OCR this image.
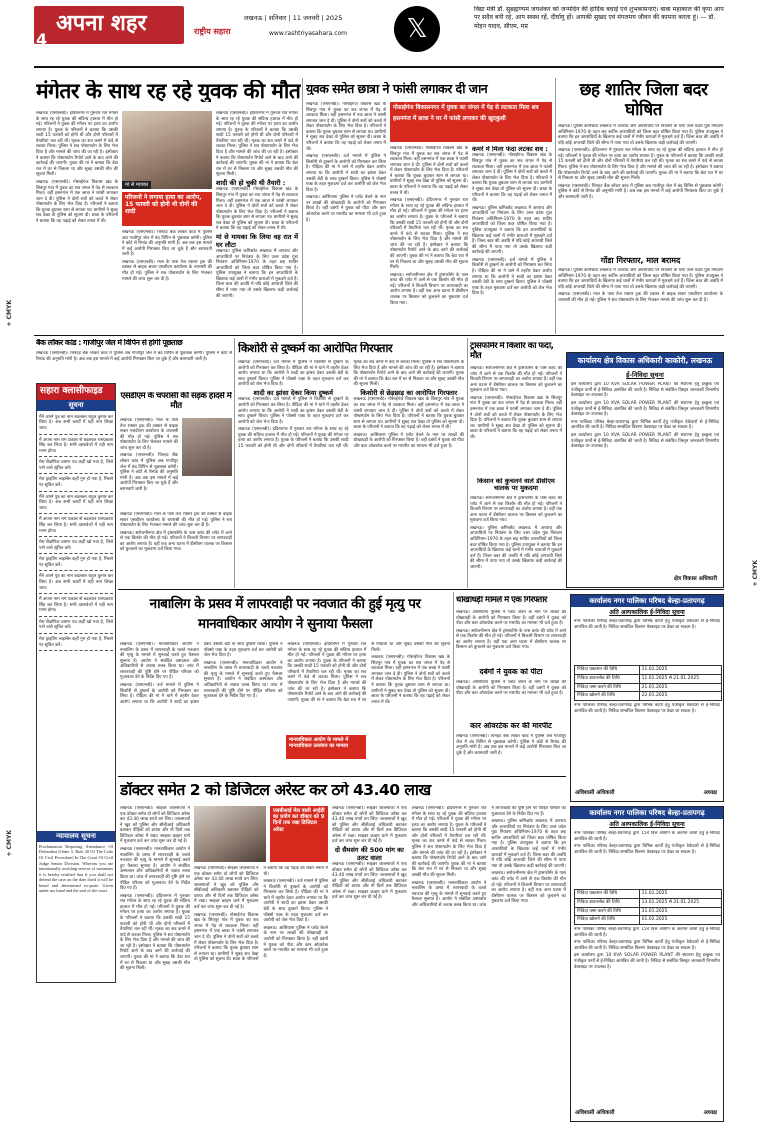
4
अपना शहर	लखनऊ | शनिवार | 11 जनवरी | 2025
राष्ट्रीय सहारा	www.rashtriyasahara.com	𝕏
विद्या मंत्री डॉ. सुब्रह्मण्यम जयशंकर को जन्मदिन की हार्दिक बधाई एवं शुभकामनाएं। बाबा महाकाल की कृपा आप पर सदैव बनी रहे, आप स्वस्थ रहें, दीर्घायु हों। आपकी सुखद एवं मंगलमय जीवन की कामना करता हूं। — डॉ. मोहन यादव, सीएम, मप्र
+ CMYK
+ CMYK
+ CMYK
मंगेतर के साथ रह रहे युवक की मौत

लखनऊ (एसएनबी)। इंदिरानगर में गुरुवार रात मंगेतर के साथ रह रहे युवक की संदिग्ध हालात में मौत हो गई। परिजनों ने युवक की मंगेतर पर हत्या का आरोप लगाया है। युवक के परिजनों ने बताया कि उसकी शादी 15 फरवरी को होनी थी और दोनों परिवारों में तैयारियां चल रही थीं। मृतक का शव कमरे में फंदे से लटका मिला। पुलिस ने शव पोस्टमार्टम के लिए भेज दिया है और मामले की जांच की जा रही है। इंस्पेक्टर ने बताया कि पोस्टमार्टम रिपोर्ट आने के बाद आगे की कार्रवाई की जाएगी। युवक की मां ने बताया कि बेटा रात में घर से निकला था और सुबह उसकी मौत की सूचना मिली।

लखनऊ (एसएनबी)। गोसाईगंज विकास खंड के शिवपुर गांव में युवक का शव जंगल में पेड़ से लटकता मिला। वहीं हसनगंज में एक छात्रा ने फांसी लगाकर जान दे दी। पुलिस ने दोनों शवों को कब्जे में लेकर पोस्टमार्टम के लिए भेज दिया है। परिजनों ने बताया कि युवक बुधवार शाम से लापता था। ग्रामीणों ने सुबह शव देखा तो पुलिस को सूचना दी। छात्रा के परिजनों ने बताया कि वह पढ़ाई को लेकर तनाव में थी।

मां से मायका
परिजनों ने लगाया हत्या का आरोप, 15 फरवरी को होनी थी दोनों की शादी

लखनऊ (एसएनबी)। इंदिरानगर में गुरुवार रात मंगेतर के साथ रह रहे युवक की संदिग्ध हालात में मौत हो गई। परिजनों ने युवक की मंगेतर पर हत्या का आरोप लगाया है। युवक के परिजनों ने बताया कि उसकी शादी 15 फरवरी को होनी थी और दोनों परिवारों में तैयारियां चल रही थीं। मृतक का शव कमरे में फंदे से लटका मिला। पुलिस ने शव पोस्टमार्टम के लिए भेज दिया है और मामले की जांच की जा रही है। इंस्पेक्टर ने बताया कि पोस्टमार्टम रिपोर्ट आने के बाद आगे की कार्रवाई की जाएगी। युवक की मां ने बताया कि बेटा रात में घर से निकला था और सुबह उसकी मौत की सूचना मिली।

शादी की हो चुकी थी तैयारी :

लखनऊ (एसएनबी)। गोसाईगंज विकास खंड के शिवपुर गांव में युवक का शव जंगल में पेड़ से लटकता मिला। वहीं हसनगंज में एक छात्रा ने फांसी लगाकर जान दे दी। पुलिस ने दोनों शवों को कब्जे में लेकर पोस्टमार्टम के लिए भेज दिया है। परिजनों ने बताया कि युवक बुधवार शाम से लापता था। ग्रामीणों ने सुबह शव देखा तो पुलिस को सूचना दी। छात्रा के परिजनों ने बताया कि वह पढ़ाई को लेकर तनाव में थी।

मां से मायका कि लिया वह रात में घर लौटा

लखनऊ। पुलिस कमिश्नरेट लखनऊ में अपराध और अपराधियों पर नियंत्रण के लिए उत्तर प्रदेश गुंडा नियंत्रण अधिनियम-1970 के तहत छह शातिर अपराधियों को जिला बदर घोषित किया गया है। पुलिस उपायुक्त ने बताया कि इन अपराधियों के खिलाफ कई थानों में गंभीर धाराओं में मुकदमे दर्ज हैं। जिला बदर की अवधि में यदि कोई अपराधी जिले की सीमा में पाया गया तो उसके खिलाफ कड़ी कार्रवाई की जाएगी।

लखनऊ (एसएनबी)। चिनहट बैंक लॉकर कांड में पुलिस अब गाजीपुर जेल में बंद विपिन से पूछताछ करेगी। पुलिस ने कोर्ट से रिमांड की अनुमति मांगी है। अब तक इस मामले में कई आरोपी गिरफ्तार किए जा चुके हैं और बरामदगी जारी है।

लखनऊ (एसएनबी)। माल के पास तेज रफ्तार ट्रक की टक्कर से बाइक सवार एसडीएम कार्यालय के चपरासी की मौत हो गई। पुलिस ने शव पोस्टमार्टम के लिए भेजकर मामले की जांच शुरू कर दी है।

युवक समेत छात्रा ने फांसी लगाकर दी जान

लखनऊ (एसएनबी)। गोसाईगंज विकास खंड के शिवपुर गांव में युवक का शव जंगल में पेड़ से लटकता मिला। वहीं हसनगंज में एक छात्रा ने फांसी लगाकर जान दे दी। पुलिस ने दोनों शवों को कब्जे में लेकर पोस्टमार्टम के लिए भेज दिया है। परिजनों ने बताया कि युवक बुधवार शाम से लापता था। ग्रामीणों ने सुबह शव देखा तो पुलिस को सूचना दी। छात्रा के परिजनों ने बताया कि वह पढ़ाई को लेकर तनाव में थी।

लखनऊ (एसएनबी)। दर्ज मामले में पुलिस ने किशोरी से दुष्कर्म के आरोपी को गिरफ्तार कर लिया है। पीड़िता की मां ने थाने में तहरीर देकर आरोप लगाया था कि आरोपी ने शादी का झांसा देकर उसकी बेटी के साथ दुष्कर्म किया। पुलिस ने पॉक्सो एक्ट के तहत मुकदमा दर्ज कर आरोपी को जेल भेज दिया है।

लखनऊ। आशियाना पुलिस ने प्लॉट बेचने के नाम पर लाखों की धोखाधड़ी के आरोपी को गिरफ्तार किया है। वहीं दबंगों ने युवक को पीटा और कार ओवरटेक करने पर मारपीट का मामला भी दर्ज हुआ है।

गोसाईगंज विकासनगर में युवक का जंगल में पेड़ से लटकता मिला शव
हसनगंज में छात्रा ने घर में फांसी लगाकर की खुदकुशी

लखनऊ (एसएनबी)। गोसाईगंज विकास खंड के शिवपुर गांव में युवक का शव जंगल में पेड़ से लटकता मिला। वहीं हसनगंज में एक छात्रा ने फांसी लगाकर जान दे दी। पुलिस ने दोनों शवों को कब्जे में लेकर पोस्टमार्टम के लिए भेज दिया है। परिजनों ने बताया कि युवक बुधवार शाम से लापता था। ग्रामीणों ने सुबह शव देखा तो पुलिस को सूचना दी। छात्रा के परिजनों ने बताया कि वह पढ़ाई को लेकर तनाव में थी।

लखनऊ (एसएनबी)। इंदिरानगर में गुरुवार रात मंगेतर के साथ रह रहे युवक की संदिग्ध हालात में मौत हो गई। परिजनों ने युवक की मंगेतर पर हत्या का आरोप लगाया है। युवक के परिजनों ने बताया कि उसकी शादी 15 फरवरी को होनी थी और दोनों परिवारों में तैयारियां चल रही थीं। मृतक का शव कमरे में फंदे से लटका मिला। पुलिस ने शव पोस्टमार्टम के लिए भेज दिया है और मामले की जांच की जा रही है। इंस्पेक्टर ने बताया कि पोस्टमार्टम रिपोर्ट आने के बाद आगे की कार्रवाई की जाएगी। युवक की मां ने बताया कि बेटा रात में घर से निकला था और सुबह उसकी मौत की सूचना मिली।

लखनऊ। सरोजनीनगर क्षेत्र में ट्रांसफॉर्मर के पास करंट की चपेट में आने से एक किशोर की मौत हो गई। परिजनों ने बिजली विभाग पर लापरवाही का आरोप लगाया है। वहीं एक अन्य घटना में डीसीएम चालक पर किसान को कुचलने का मुकदमा दर्ज किया गया।

कमरे में मिला फंदा लटका शव :

लखनऊ (एसएनबी)। गोसाईगंज विकास खंड के शिवपुर गांव में युवक का शव जंगल में पेड़ से लटकता मिला। वहीं हसनगंज में एक छात्रा ने फांसी लगाकर जान दे दी। पुलिस ने दोनों शवों को कब्जे में लेकर पोस्टमार्टम के लिए भेज दिया है। परिजनों ने बताया कि युवक बुधवार शाम से लापता था। ग्रामीणों ने सुबह शव देखा तो पुलिस को सूचना दी। छात्रा के परिजनों ने बताया कि वह पढ़ाई को लेकर तनाव में थी।

लखनऊ। पुलिस कमिश्नरेट लखनऊ में अपराध और अपराधियों पर नियंत्रण के लिए उत्तर प्रदेश गुंडा नियंत्रण अधिनियम-1970 के तहत छह शातिर अपराधियों को जिला बदर घोषित किया गया है। पुलिस उपायुक्त ने बताया कि इन अपराधियों के खिलाफ कई थानों में गंभीर धाराओं में मुकदमे दर्ज हैं। जिला बदर की अवधि में यदि कोई अपराधी जिले की सीमा में पाया गया तो उसके खिलाफ कड़ी कार्रवाई की जाएगी।

लखनऊ (एसएनबी)। दर्ज मामले में पुलिस ने किशोरी से दुष्कर्म के आरोपी को गिरफ्तार कर लिया है। पीड़िता की मां ने थाने में तहरीर देकर आरोप लगाया था कि आरोपी ने शादी का झांसा देकर उसकी बेटी के साथ दुष्कर्म किया। पुलिस ने पॉक्सो एक्ट के तहत मुकदमा दर्ज कर आरोपी को जेल भेज दिया है।

छह शातिर जिला बदर घोषित

लखनऊ। पुलिस कमिश्नरेट लखनऊ में अपराध और अपराधियों पर नियंत्रण के लिए उत्तर प्रदेश गुंडा नियंत्रण अधिनियम-1970 के तहत छह शातिर अपराधियों को जिला बदर घोषित किया गया है। पुलिस उपायुक्त ने बताया कि इन अपराधियों के खिलाफ कई थानों में गंभीर धाराओं में मुकदमे दर्ज हैं। जिला बदर की अवधि में यदि कोई अपराधी जिले की सीमा में पाया गया तो उसके खिलाफ कड़ी कार्रवाई की जाएगी।

लखनऊ (एसएनबी)। इंदिरानगर में गुरुवार रात मंगेतर के साथ रह रहे युवक की संदिग्ध हालात में मौत हो गई। परिजनों ने युवक की मंगेतर पर हत्या का आरोप लगाया है। युवक के परिजनों ने बताया कि उसकी शादी 15 फरवरी को होनी थी और दोनों परिवारों में तैयारियां चल रही थीं। मृतक का शव कमरे में फंदे से लटका मिला। पुलिस ने शव पोस्टमार्टम के लिए भेज दिया है और मामले की जांच की जा रही है। इंस्पेक्टर ने बताया कि पोस्टमार्टम रिपोर्ट आने के बाद आगे की कार्रवाई की जाएगी। युवक की मां ने बताया कि बेटा रात में घर से निकला था और सुबह उसकी मौत की सूचना मिली।

लखनऊ (एसएनबी)। चिनहट बैंक लॉकर कांड में पुलिस अब गाजीपुर जेल में बंद विपिन से पूछताछ करेगी। पुलिस ने कोर्ट से रिमांड की अनुमति मांगी है। अब तक इस मामले में कई आरोपी गिरफ्तार किए जा चुके हैं और बरामदगी जारी है।

गोंडा गिरफ्तार, माल बरामद

लखनऊ। पुलिस कमिश्नरेट लखनऊ में अपराध और अपराधियों पर नियंत्रण के लिए उत्तर प्रदेश गुंडा नियंत्रण अधिनियम-1970 के तहत छह शातिर अपराधियों को जिला बदर घोषित किया गया है। पुलिस उपायुक्त ने बताया कि इन अपराधियों के खिलाफ कई थानों में गंभीर धाराओं में मुकदमे दर्ज हैं। जिला बदर की अवधि में यदि कोई अपराधी जिले की सीमा में पाया गया तो उसके खिलाफ कड़ी कार्रवाई की जाएगी।

लखनऊ (एसएनबी)। माल के पास तेज रफ्तार ट्रक की टक्कर से बाइक सवार एसडीएम कार्यालय के चपरासी की मौत हो गई। पुलिस ने शव पोस्टमार्टम के लिए भेजकर मामले की जांच शुरू कर दी है।

बैंक लॉकर कांड : गाजीपुर जेल में विपिन से होगी पूछताछ

लखनऊ (एसएनबी)। चिनहट बैंक लॉकर कांड में पुलिस अब गाजीपुर जेल में बंद विपिन से पूछताछ करेगी। पुलिस ने कोर्ट से रिमांड की अनुमति मांगी है। अब तक इस मामले में कई आरोपी गिरफ्तार किए जा चुके हैं और बरामदगी जारी है।

सहारा क्लासीफाइड
सूचना
मैंने अपने पुत्र का नाम बदलकर राहुल कुमार कर लिया है। अब सभी कार्यों में यही नाम लिखा जाए।
मैं अपना नाम राम प्रकाश से बदलकर रामप्रकाश सिंह कर लिया है। सभी दस्तावेजों में यही नाम मान्य होगा।
मेरा शैक्षणिक प्रमाण पत्र कहीं खो गया है, जिसे पाने वाले सूचित करें।
मेरा ड्राइविंग लाइसेंस कहीं गुम हो गया है, मिलने पर सूचित करें।
मैंने अपने पुत्र का नाम बदलकर राहुल कुमार कर लिया है। अब सभी कार्यों में यही नाम लिखा जाए।
मैं अपना नाम राम प्रकाश से बदलकर रामप्रकाश सिंह कर लिया है। सभी दस्तावेजों में यही नाम मान्य होगा।
मेरा शैक्षणिक प्रमाण पत्र कहीं खो गया है, जिसे पाने वाले सूचित करें।
मेरा ड्राइविंग लाइसेंस कहीं गुम हो गया है, मिलने पर सूचित करें।
मैंने अपने पुत्र का नाम बदलकर राहुल कुमार कर लिया है। अब सभी कार्यों में यही नाम लिखा जाए।
मैं अपना नाम राम प्रकाश से बदलकर रामप्रकाश सिंह कर लिया है। सभी दस्तावेजों में यही नाम मान्य होगा।
मेरा शैक्षणिक प्रमाण पत्र कहीं खो गया है, जिसे पाने वाले सूचित करें।
मेरा ड्राइविंग लाइसेंस कहीं गुम हो गया है, मिलने पर सूचित करें।
न्यायालय सूचना
Proclamation Requiring Attendance Of Defendant (Order 5, Rule 20 Of The Code Of Civil Procedure) In The Court Of Civil Judge Senior Division. Whereas you are intentionally avoiding service of summons it is hereby notified that if you shall not defend the case on the date fixed it will be heard and determined ex-parte. Given under my hand and the seal of the court.
एसडीएम के चपरासी की सड़क हादसे में मौत

लखनऊ (एसएनबी)। माल के पास तेज रफ्तार ट्रक की टक्कर से बाइक सवार एसडीएम कार्यालय के चपरासी की मौत हो गई। पुलिस ने शव पोस्टमार्टम के लिए भेजकर मामले की जांच शुरू कर दी है।

लखनऊ (एसएनबी)। चिनहट बैंक लॉकर कांड में पुलिस अब गाजीपुर जेल में बंद विपिन से पूछताछ करेगी। पुलिस ने कोर्ट से रिमांड की अनुमति मांगी है। अब तक इस मामले में कई आरोपी गिरफ्तार किए जा चुके हैं और बरामदगी जारी है।

लखनऊ (एसएनबी)। माल के पास तेज रफ्तार ट्रक की टक्कर से बाइक सवार एसडीएम कार्यालय के चपरासी की मौत हो गई। पुलिस ने शव पोस्टमार्टम के लिए भेजकर मामले की जांच शुरू कर दी है।

लखनऊ। सरोजनीनगर क्षेत्र में ट्रांसफॉर्मर के पास करंट की चपेट में आने से एक किशोर की मौत हो गई। परिजनों ने बिजली विभाग पर लापरवाही का आरोप लगाया है। वहीं एक अन्य घटना में डीसीएम चालक पर किसान को कुचलने का मुकदमा दर्ज किया गया।

किशोरी से दुष्कर्म का आरोपित गिरफ्तार

लखनऊ (एसएनबी)। दर्ज मामले में पुलिस ने किशोरी से दुष्कर्म के आरोपी को गिरफ्तार कर लिया है। पीड़िता की मां ने थाने में तहरीर देकर आरोप लगाया था कि आरोपी ने शादी का झांसा देकर उसकी बेटी के साथ दुष्कर्म किया। पुलिस ने पॉक्सो एक्ट के तहत मुकदमा दर्ज कर आरोपी को जेल भेज दिया है।

शादी का झांसा देकर किया दुष्कर्म

लखनऊ (एसएनबी)। दर्ज मामले में पुलिस ने किशोरी से दुष्कर्म के आरोपी को गिरफ्तार कर लिया है। पीड़िता की मां ने थाने में तहरीर देकर आरोप लगाया था कि आरोपी ने शादी का झांसा देकर उसकी बेटी के साथ दुष्कर्म किया। पुलिस ने पॉक्सो एक्ट के तहत मुकदमा दर्ज कर आरोपी को जेल भेज दिया है।

लखनऊ (एसएनबी)। इंदिरानगर में गुरुवार रात मंगेतर के साथ रह रहे युवक की संदिग्ध हालात में मौत हो गई। परिजनों ने युवक की मंगेतर पर हत्या का आरोप लगाया है। युवक के परिजनों ने बताया कि उसकी शादी 15 फरवरी को होनी थी और दोनों परिवारों में तैयारियां चल रही थीं। मृतक का शव कमरे में फंदे से लटका मिला। पुलिस ने शव पोस्टमार्टम के लिए भेज दिया है और मामले की जांच की जा रही है। इंस्पेक्टर ने बताया कि पोस्टमार्टम रिपोर्ट आने के बाद आगे की कार्रवाई की जाएगी। युवक की मां ने बताया कि बेटा रात में घर से निकला था और सुबह उसकी मौत की सूचना मिली।

किशोरी से छेड़छाड़ का आरोपित गिरफ्तार

लखनऊ (एसएनबी)। गोसाईगंज विकास खंड के शिवपुर गांव में युवक का शव जंगल में पेड़ से लटकता मिला। वहीं हसनगंज में एक छात्रा ने फांसी लगाकर जान दे दी। पुलिस ने दोनों शवों को कब्जे में लेकर पोस्टमार्टम के लिए भेज दिया है। परिजनों ने बताया कि युवक बुधवार शाम से लापता था। ग्रामीणों ने सुबह शव देखा तो पुलिस को सूचना दी। छात्रा के परिजनों ने बताया कि वह पढ़ाई को लेकर तनाव में थी।

लखनऊ। आशियाना पुलिस ने प्लॉट बेचने के नाम पर लाखों की धोखाधड़ी के आरोपी को गिरफ्तार किया है। वहीं दबंगों ने युवक को पीटा और कार ओवरटेक करने पर मारपीट का मामला भी दर्ज हुआ है।

ट्रांसफॉर्मर में किशोर का फंदा, मौत

लखनऊ। सरोजनीनगर क्षेत्र में ट्रांसफॉर्मर के पास करंट की चपेट में आने से एक किशोर की मौत हो गई। परिजनों ने बिजली विभाग पर लापरवाही का आरोप लगाया है। वहीं एक अन्य घटना में डीसीएम चालक पर किसान को कुचलने का मुकदमा दर्ज किया गया।

लखनऊ (एसएनबी)। गोसाईगंज विकास खंड के शिवपुर गांव में युवक का शव जंगल में पेड़ से लटकता मिला। वहीं हसनगंज में एक छात्रा ने फांसी लगाकर जान दे दी। पुलिस ने दोनों शवों को कब्जे में लेकर पोस्टमार्टम के लिए भेज दिया है। परिजनों ने बताया कि युवक बुधवार शाम से लापता था। ग्रामीणों ने सुबह शव देखा तो पुलिस को सूचना दी। छात्रा के परिजनों ने बताया कि वह पढ़ाई को लेकर तनाव में थी।

किसान को कुचलने वाले डीसीएम चालक पर मुकदमा

लखनऊ। सरोजनीनगर क्षेत्र में ट्रांसफॉर्मर के पास करंट की चपेट में आने से एक किशोर की मौत हो गई। परिजनों ने बिजली विभाग पर लापरवाही का आरोप लगाया है। वहीं एक अन्य घटना में डीसीएम चालक पर किसान को कुचलने का मुकदमा दर्ज किया गया।

लखनऊ। पुलिस कमिश्नरेट लखनऊ में अपराध और अपराधियों पर नियंत्रण के लिए उत्तर प्रदेश गुंडा नियंत्रण अधिनियम-1970 के तहत छह शातिर अपराधियों को जिला बदर घोषित किया गया है। पुलिस उपायुक्त ने बताया कि इन अपराधियों के खिलाफ कई थानों में गंभीर धाराओं में मुकदमे दर्ज हैं। जिला बदर की अवधि में यदि कोई अपराधी जिले की सीमा में पाया गया तो उसके खिलाफ कड़ी कार्रवाई की जाएगी।

कार्यालय क्षेत्र विकास अधिकारी काकोरी, लखनऊ
ई-निविदा सूचना

इस कार्यालय द्वारा 10 KVA SOLAR POWER PLANT की स्थापना हेतु इच्छुक एवं पंजीकृत फर्मों से ई-निविदा आमंत्रित की जाती है। निविदा से संबंधित विस्तृत जानकारी विभागीय वेबसाइट पर उपलब्ध है।

इस कार्यालय द्वारा 10 KVA SOLAR POWER PLANT की स्थापना हेतु इच्छुक एवं पंजीकृत फर्मों से ई-निविदा आमंत्रित की जाती है। निविदा से संबंधित विस्तृत जानकारी विभागीय वेबसाइट पर उपलब्ध है।

नगर पालिका परिषद बेल्हा-प्रतापगढ़ द्वारा विभिन्न कार्यों हेतु पंजीकृत ठेकेदारों से ई-निविदा आमंत्रित की जाती है। निविदा सम्बंधित विवरण वेबसाइट पर देखा जा सकता है।

इस कार्यालय द्वारा 10 KVA SOLAR POWER PLANT की स्थापना हेतु इच्छुक एवं पंजीकृत फर्मों से ई-निविदा आमंत्रित की जाती है। निविदा से संबंधित विस्तृत जानकारी विभागीय वेबसाइट पर उपलब्ध है।

क्षेत्र विकास अधिकारी
नाबालिग के प्रसव में लापरवाही पर नवजात की हुई मृत्यु पर मानवाधिकार आयोग ने सुनाया फैसला

लखनऊ (एसएनबी)। मानवाधिकार आयोग ने नाबालिग के प्रसव में लापरवाही के चलते नवजात की मृत्यु के मामले में सुनवाई करते हुए फैसला सुनाया है। आयोग ने संबंधित अस्पताल और अधिकारियों से जवाब तलब किया था। जांच में लापरवाही की पुष्टि होने पर पीड़ित परिवार को मुआवजा देने के निर्देश दिए गए हैं।

लखनऊ (एसएनबी)। दर्ज मामले में पुलिस ने किशोरी से दुष्कर्म के आरोपी को गिरफ्तार कर लिया है। पीड़िता की मां ने थाने में तहरीर देकर आरोप लगाया था कि आरोपी ने शादी का झांसा देकर उसकी बेटी के साथ दुष्कर्म किया। पुलिस ने पॉक्सो एक्ट के तहत मुकदमा दर्ज कर आरोपी को जेल भेज दिया है।

लखनऊ (एसएनबी)। मानवाधिकार आयोग ने नाबालिग के प्रसव में लापरवाही के चलते नवजात की मृत्यु के मामले में सुनवाई करते हुए फैसला सुनाया है। आयोग ने संबंधित अस्पताल और अधिकारियों से जवाब तलब किया था। जांच में लापरवाही की पुष्टि होने पर पीड़ित परिवार को मुआवजा देने के निर्देश दिए गए हैं।

लखनऊ (एसएनबी)। इंदिरानगर में गुरुवार रात मंगेतर के साथ रह रहे युवक की संदिग्ध हालात में मौत हो गई। परिजनों ने युवक की मंगेतर पर हत्या का आरोप लगाया है। युवक के परिजनों ने बताया कि उसकी शादी 15 फरवरी को होनी थी और दोनों परिवारों में तैयारियां चल रही थीं। मृतक का शव कमरे में फंदे से लटका मिला। पुलिस ने शव पोस्टमार्टम के लिए भेज दिया है और मामले की जांच की जा रही है। इंस्पेक्टर ने बताया कि पोस्टमार्टम रिपोर्ट आने के बाद आगे की कार्रवाई की जाएगी। युवक की मां ने बताया कि बेटा रात में घर से निकला था और सुबह उसकी मौत की सूचना मिली।

लखनऊ (एसएनबी)। गोसाईगंज विकास खंड के शिवपुर गांव में युवक का शव जंगल में पेड़ से लटकता मिला। वहीं हसनगंज में एक छात्रा ने फांसी लगाकर जान दे दी। पुलिस ने दोनों शवों को कब्जे में लेकर पोस्टमार्टम के लिए भेज दिया है। परिजनों ने बताया कि युवक बुधवार शाम से लापता था। ग्रामीणों ने सुबह शव देखा तो पुलिस को सूचना दी। छात्रा के परिजनों ने बताया कि वह पढ़ाई को लेकर तनाव में थी।

मानवाधिकार आयोग के मामले में मानवाधिकार उल्लंघन का मामला
धोखाधड़ी मामले में एक गिरफ्तार

लखनऊ। आशियाना पुलिस ने प्लॉट बेचने के नाम पर लाखों की धोखाधड़ी के आरोपी को गिरफ्तार किया है। वहीं दबंगों ने युवक को पीटा और कार ओवरटेक करने पर मारपीट का मामला भी दर्ज हुआ है।

लखनऊ। सरोजनीनगर क्षेत्र में ट्रांसफॉर्मर के पास करंट की चपेट में आने से एक किशोर की मौत हो गई। परिजनों ने बिजली विभाग पर लापरवाही का आरोप लगाया है। वहीं एक अन्य घटना में डीसीएम चालक पर किसान को कुचलने का मुकदमा दर्ज किया गया।

दबंगों ने युवक को पीटा

लखनऊ। आशियाना पुलिस ने प्लॉट बेचने के नाम पर लाखों की धोखाधड़ी के आरोपी को गिरफ्तार किया है। वहीं दबंगों ने युवक को पीटा और कार ओवरटेक करने पर मारपीट का मामला भी दर्ज हुआ है।

कार ओवरटेक कर की मारपीट

लखनऊ (एसएनबी)। चिनहट बैंक लॉकर कांड में पुलिस अब गाजीपुर जेल में बंद विपिन से पूछताछ करेगी। पुलिस ने कोर्ट से रिमांड की अनुमति मांगी है। अब तक इस मामले में कई आरोपी गिरफ्तार किए जा चुके हैं और बरामदगी जारी है।

कार्यालय नगर पालिका परिषद बेल्हा-प्रतापगढ़
अति अल्पकालिक ई-निविदा सूचना
नगर पालिका परिषद बेल्हा-प्रतापगढ़ द्वारा विभिन्न कार्यों हेतु पंजीकृत ठेकेदारों से ई-निविदा आमंत्रित की जाती है। निविदा सम्बंधित विवरण वेबसाइट पर देखा जा सकता है।
निविदा प्रकाशन की तिथि	11.01.2025
निविदा डाउनलोड की तिथि	11.01.2025 से 21.01.2025
निविदा जमा करने की तिथि	21.01.2025
निविदा खोलने की तिथि	22.01.2025
नगर पालिका परिषद बेल्हा-प्रतापगढ़ द्वारा विभिन्न कार्यों हेतु पंजीकृत ठेकेदारों से ई-निविदा आमंत्रित की जाती है। निविदा सम्बंधित विवरण वेबसाइट पर देखा जा सकता है।
अधिशासी अधिकारी	अध्यक्ष
डॉक्टर समेत 2 को डिजिटल अरेस्ट कर ठगे 43.40 लाख

लखनऊ (एसएनबी)। साइबर जालसाजों ने एक डॉक्टर समेत दो लोगों को डिजिटल अरेस्ट कर 43.40 लाख रुपये ठग लिए। जालसाजों ने खुद को पुलिस और सीबीआई अधिकारी बताकर पीड़ितों को डराया और नौ दिनों तक डिजिटल अरेस्ट में रखा। साइबर क्राइम थाने में मुकदमा दर्ज कर जांच शुरू कर दी गई है।

लखनऊ (एसएनबी)। मानवाधिकार आयोग ने नाबालिग के प्रसव में लापरवाही के चलते नवजात की मृत्यु के मामले में सुनवाई करते हुए फैसला सुनाया है। आयोग ने संबंधित अस्पताल और अधिकारियों से जवाब तलब किया था। जांच में लापरवाही की पुष्टि होने पर पीड़ित परिवार को मुआवजा देने के निर्देश दिए गए हैं।

लखनऊ (एसएनबी)। इंदिरानगर में गुरुवार रात मंगेतर के साथ रह रहे युवक की संदिग्ध हालात में मौत हो गई। परिजनों ने युवक की मंगेतर पर हत्या का आरोप लगाया है। युवक के परिजनों ने बताया कि उसकी शादी 15 फरवरी को होनी थी और दोनों परिवारों में तैयारियां चल रही थीं। मृतक का शव कमरे में फंदे से लटका मिला। पुलिस ने शव पोस्टमार्टम के लिए भेज दिया है और मामले की जांच की जा रही है। इंस्पेक्टर ने बताया कि पोस्टमार्टम रिपोर्ट आने के बाद आगे की कार्रवाई की जाएगी। युवक की मां ने बताया कि बेटा रात में घर से निकला था और सुबह उसकी मौत की सूचना मिली।

एसबीआई मेल वाली आईडी का प्रयोग कर डॉक्टर को 9 दिनों तक रखा डिजिटल अरेस्ट

लखनऊ (एसएनबी)। साइबर जालसाजों ने एक डॉक्टर समेत दो लोगों को डिजिटल अरेस्ट कर 43.40 लाख रुपये ठग लिए। जालसाजों ने खुद को पुलिस और सीबीआई अधिकारी बताकर पीड़ितों को डराया और नौ दिनों तक डिजिटल अरेस्ट में रखा। साइबर क्राइम थाने में मुकदमा दर्ज कर जांच शुरू कर दी गई है।

लखनऊ (एसएनबी)। गोसाईगंज विकास खंड के शिवपुर गांव में युवक का शव जंगल में पेड़ से लटकता मिला। वहीं हसनगंज में एक छात्रा ने फांसी लगाकर जान दे दी। पुलिस ने दोनों शवों को कब्जे में लेकर पोस्टमार्टम के लिए भेज दिया है। परिजनों ने बताया कि युवक बुधवार शाम से लापता था। ग्रामीणों ने सुबह शव देखा तो पुलिस को सूचना दी। छात्रा के परिजनों ने बताया कि वह पढ़ाई को लेकर तनाव में थी।

लखनऊ (एसएनबी)। दर्ज मामले में पुलिस ने किशोरी से दुष्कर्म के आरोपी को गिरफ्तार कर लिया है। पीड़िता की मां ने थाने में तहरीर देकर आरोप लगाया था कि आरोपी ने शादी का झांसा देकर उसकी बेटी के साथ दुष्कर्म किया। पुलिस ने पॉक्सो एक्ट के तहत मुकदमा दर्ज कर आरोपी को जेल भेज दिया है।

लखनऊ। आशियाना पुलिस ने प्लॉट बेचने के नाम पर लाखों की धोखाधड़ी के आरोपी को गिरफ्तार किया है। वहीं दबंगों ने युवक को पीटा और कार ओवरटेक करने पर मारपीट का मामला भी दर्ज हुआ है।

लखनऊ (एसएनबी)। साइबर जालसाजों ने एक डॉक्टर समेत दो लोगों को डिजिटल अरेस्ट कर 43.40 लाख रुपये ठग लिए। जालसाजों ने खुद को पुलिस और सीबीआई अधिकारी बताकर पीड़ितों को डराया और नौ दिनों तक डिजिटल अरेस्ट में रखा। साइबर क्राइम थाने में मुकदमा दर्ज कर जांच शुरू कर दी गई है।

दो सैमसंग की 500 मांग का उलट वाला

लखनऊ (एसएनबी)। साइबर जालसाजों ने एक डॉक्टर समेत दो लोगों को डिजिटल अरेस्ट कर 43.40 लाख रुपये ठग लिए। जालसाजों ने खुद को पुलिस और सीबीआई अधिकारी बताकर पीड़ितों को डराया और नौ दिनों तक डिजिटल अरेस्ट में रखा। साइबर क्राइम थाने में मुकदमा दर्ज कर जांच शुरू कर दी गई है।

लखनऊ (एसएनबी)। इंदिरानगर में गुरुवार रात मंगेतर के साथ रह रहे युवक की संदिग्ध हालात में मौत हो गई। परिजनों ने युवक की मंगेतर पर हत्या का आरोप लगाया है। युवक के परिजनों ने बताया कि उसकी शादी 15 फरवरी को होनी थी और दोनों परिवारों में तैयारियां चल रही थीं। मृतक का शव कमरे में फंदे से लटका मिला। पुलिस ने शव पोस्टमार्टम के लिए भेज दिया है और मामले की जांच की जा रही है। इंस्पेक्टर ने बताया कि पोस्टमार्टम रिपोर्ट आने के बाद आगे की कार्रवाई की जाएगी। युवक की मां ने बताया कि बेटा रात में घर से निकला था और सुबह उसकी मौत की सूचना मिली।

लखनऊ (एसएनबी)। मानवाधिकार आयोग ने नाबालिग के प्रसव में लापरवाही के चलते नवजात की मृत्यु के मामले में सुनवाई करते हुए फैसला सुनाया है। आयोग ने संबंधित अस्पताल और अधिकारियों से जवाब तलब किया था। जांच में लापरवाही की पुष्टि होने पर पीड़ित परिवार को मुआवजा देने के निर्देश दिए गए हैं।

लखनऊ। पुलिस कमिश्नरेट लखनऊ में अपराध और अपराधियों पर नियंत्रण के लिए उत्तर प्रदेश गुंडा नियंत्रण अधिनियम-1970 के तहत छह शातिर अपराधियों को जिला बदर घोषित किया गया है। पुलिस उपायुक्त ने बताया कि इन अपराधियों के खिलाफ कई थानों में गंभीर धाराओं में मुकदमे दर्ज हैं। जिला बदर की अवधि में यदि कोई अपराधी जिले की सीमा में पाया गया तो उसके खिलाफ कड़ी कार्रवाई की जाएगी।

लखनऊ। सरोजनीनगर क्षेत्र में ट्रांसफॉर्मर के पास करंट की चपेट में आने से एक किशोर की मौत हो गई। परिजनों ने बिजली विभाग पर लापरवाही का आरोप लगाया है। वहीं एक अन्य घटना में डीसीएम चालक पर किसान को कुचलने का मुकदमा दर्ज किया गया।

कार्यालय नगर पालिका परिषद बेल्हा-प्रतापगढ़
अति अल्पकालिक ई-निविदा सूचना

नगर पालिका परिषद बेल्हा-प्रतापगढ़ द्वारा 15वें वित्त आयोग के अंतर्गत कार्यों हेतु ई-निविदा आमंत्रित की जाती है।

नगर पालिका परिषद बेल्हा-प्रतापगढ़ द्वारा विभिन्न कार्यों हेतु पंजीकृत ठेकेदारों से ई-निविदा आमंत्रित की जाती है। निविदा सम्बंधित विवरण वेबसाइट पर देखा जा सकता है।

निविदा प्रकाशन की तिथि	11.01.2025
निविदा डाउनलोड की तिथि	13.01.2025 से 31.01.2025
निविदा जमा करने की तिथि	31.01.2025
निविदा खोलने की तिथि	01.02.2025

नगर पालिका परिषद बेल्हा-प्रतापगढ़ द्वारा 15वें वित्त आयोग के अंतर्गत कार्यों हेतु ई-निविदा आमंत्रित की जाती है।

नगर पालिका परिषद बेल्हा-प्रतापगढ़ द्वारा विभिन्न कार्यों हेतु पंजीकृत ठेकेदारों से ई-निविदा आमंत्रित की जाती है। निविदा सम्बंधित विवरण वेबसाइट पर देखा जा सकता है।

इस कार्यालय द्वारा 10 KVA SOLAR POWER PLANT की स्थापना हेतु इच्छुक एवं पंजीकृत फर्मों से ई-निविदा आमंत्रित की जाती है। निविदा से संबंधित विस्तृत जानकारी विभागीय वेबसाइट पर उपलब्ध है।

अधिशासी अधिकारी	अध्यक्ष
